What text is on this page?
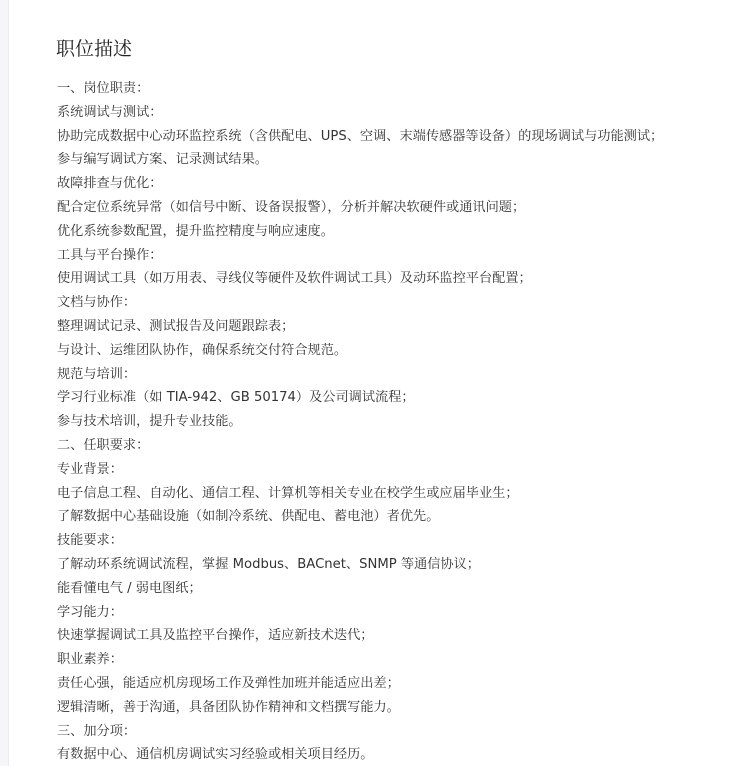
职位描述
一、岗位职责：
系统调试与测试：
协助完成数据中心动环监控系统（含供配电、UPS、空调、末端传感器等设备）的现场调试与功能测试；
参与编写调试方案、记录测试结果。
故障排查与优化：
配合定位系统异常（如信号中断、设备误报警），分析并解决软硬件或通讯问题；
优化系统参数配置，提升监控精度与响应速度。
工具与平台操作：
使用调试工具（如万用表、寻线仪等硬件及软件调试工具）及动环监控平台配置；
文档与协作：
整理调试记录、测试报告及问题跟踪表；
与设计、运维团队协作，确保系统交付符合规范。
规范与培训：
学习行业标准（如 TIA-942、GB 50174）及公司调试流程；
参与技术培训，提升专业技能。
二、任职要求：
专业背景：
电子信息工程、自动化、通信工程、计算机等相关专业在校学生或应届毕业生；
了解数据中心基础设施（如制冷系统、供配电、蓄电池）者优先。
技能要求：
了解动环系统调试流程，掌握 Modbus、BACnet、SNMP 等通信协议；
能看懂电气 / 弱电图纸；
学习能力：
快速掌握调试工具及监控平台操作，适应新技术迭代；
职业素养：
责任心强，能适应机房现场工作及弹性加班并能适应出差；
逻辑清晰，善于沟通，具备团队协作精神和文档撰写能力。
三、加分项：
有数据中心、通信机房调试实习经验或相关项目经历。
